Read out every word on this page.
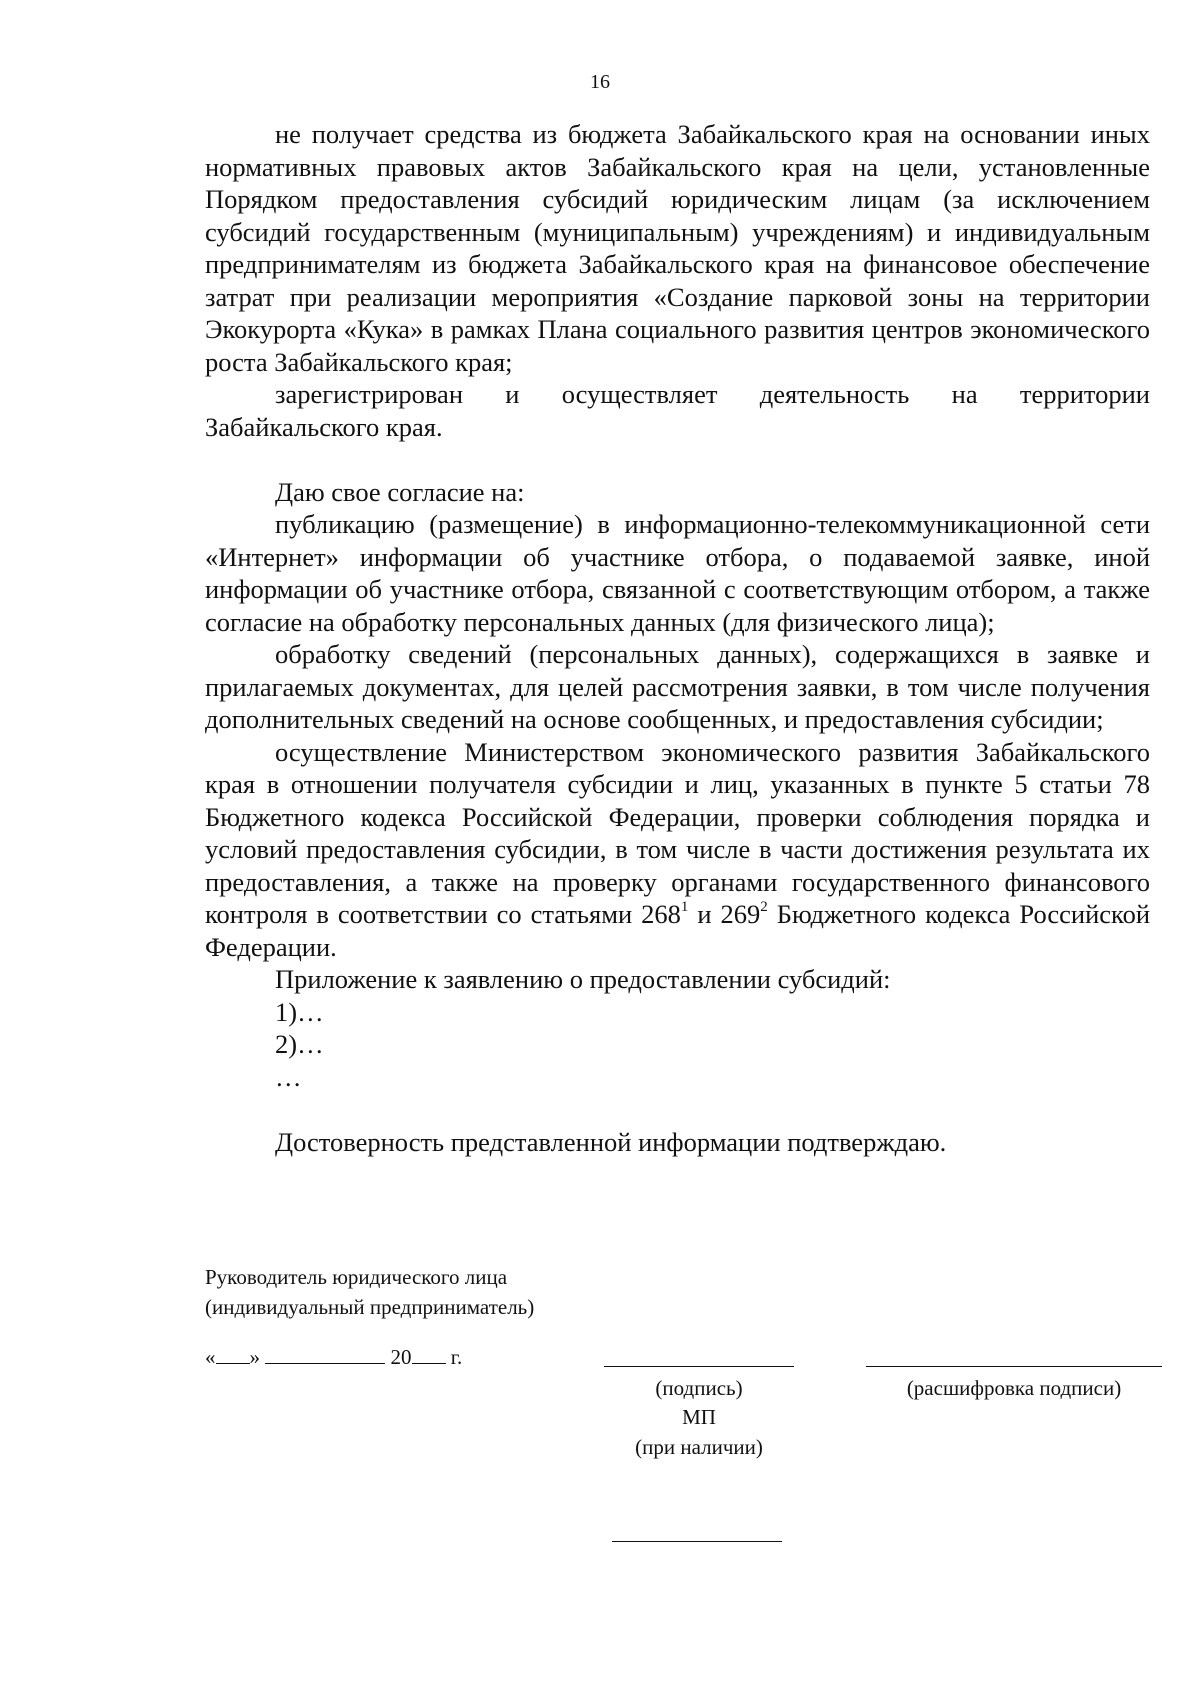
16

не получает средства из бюджета Забайкальского края на основании иных нормативных правовых актов Забайкальского края на цели, установленные Порядком предоставления субсидий юридическим лицам (за исключением субсидий государственным (муниципальным) учреждениям) и индивидуальным предпринимателям из бюджета Забайкальского края на финансовое обеспечение затрат при реализации мероприятия «Создание парковой зоны на территории Экокурорта «Кука» в рамках Плана социального развития центров экономического роста Забайкальского края;

зарегистрирован и осуществляет деятельность на территории Забайкальского края.

Даю свое согласие на:

публикацию (размещение) в информационно-телекоммуникационной сети «Интернет» информации об участнике отбора, о подаваемой заявке, иной информации об участнике отбора, связанной с соответствующим отбором, а также согласие на обработку персональных данных (для физического лица);

обработку сведений (персональных данных), содержащихся в заявке и прилагаемых документах, для целей рассмотрения заявки, в том числе получения дополнительных сведений на основе сообщенных, и предоставления субсидии;

осуществление Министерством экономического развития Забайкальского края в отношении получателя субсидии и лиц, указанных в пункте 5 статьи 78 Бюджетного кодекса Российской Федерации, проверки соблюдения порядка и условий предоставления субсидии, в том числе в части достижения результата их предоставления, а также на проверку органами государственного финансового контроля в соответствии со статьями $268^1$ и $269^2$ Бюджетного кодекса Российской Федерации.

Приложение к заявлению о предоставлении субсидий:

1)…

2)…

…

Достоверность представленной информации подтверждаю.

Руководитель юридического лица
(индивидуальный предприниматель)
« »	20 г.
(подпись)	(расшифровка подписи)
МП
(при наличии)
